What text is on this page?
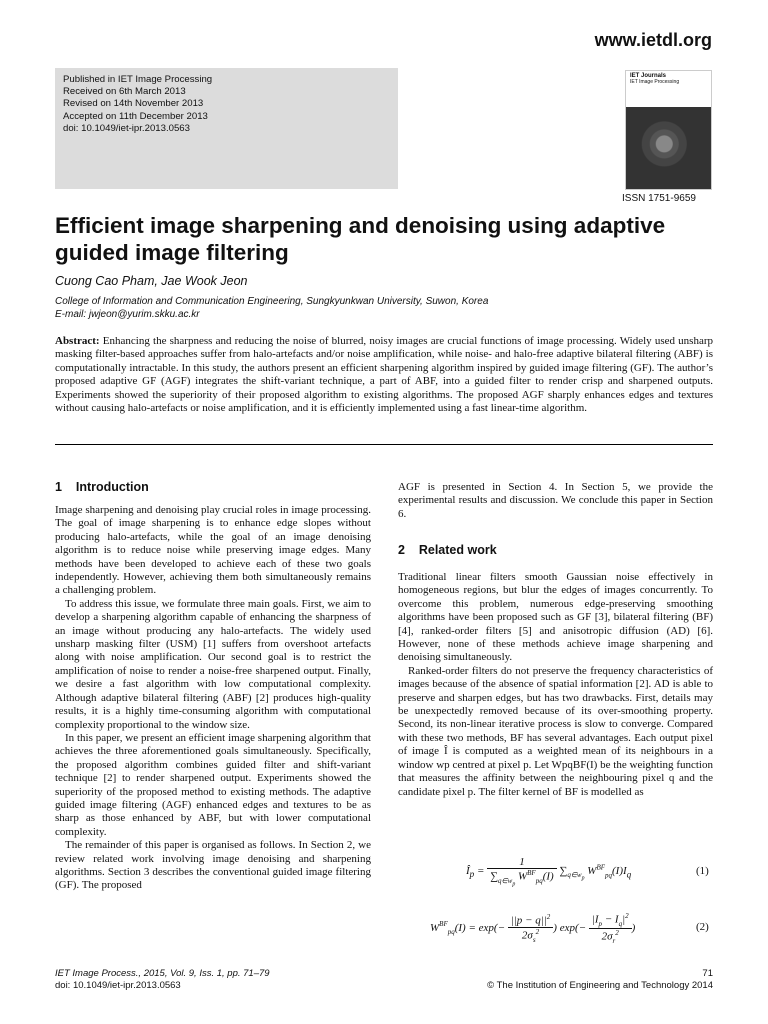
www.ietdl.org
Published in IET Image Processing
Received on 6th March 2013
Revised on 14th November 2013
Accepted on 11th December 2013
doi: 10.1049/iet-ipr.2013.0563
IET Journals
IET Image Processing
ISSN 1751-9659
Efficient image sharpening and denoising using adaptive guided image filtering
Cuong Cao Pham, Jae Wook Jeon
College of Information and Communication Engineering, Sungkyunkwan University, Suwon, Korea
E-mail: jwjeon@yurim.skku.ac.kr
Abstract: Enhancing the sharpness and reducing the noise of blurred, noisy images are crucial functions of image processing. Widely used unsharp masking filter-based approaches suffer from halo-artefacts and/or noise amplification, while noise- and halo-free adaptive bilateral filtering (ABF) is computationally intractable. In this study, the authors present an efficient sharpening algorithm inspired by guided image filtering (GF). The author’s proposed adaptive GF (AGF) integrates the shift-variant technique, a part of ABF, into a guided filter to render crisp and sharpened outputs. Experiments showed the superiority of their proposed algorithm to existing algorithms. The proposed AGF sharply enhances edges and textures without causing halo-artefacts or noise amplification, and it is efficiently implemented using a fast linear-time algorithm.
1    Introduction

Image sharpening and denoising play crucial roles in image processing. The goal of image sharpening is to enhance edge slopes without producing halo-artefacts, while the goal of an image denoising algorithm is to reduce noise while preserving image edges. Many methods have been developed to achieve each of these two goals independently. However, achieving them both simultaneously remains a challenging problem.

To address this issue, we formulate three main goals. First, we aim to develop a sharpening algorithm capable of enhancing the sharpness of an image without producing any halo-artefacts. The widely used unsharp masking filter (USM) [1] suffers from overshoot artefacts along with noise amplification. Our second goal is to restrict the amplification of noise to render a noise-free sharpened output. Finally, we desire a fast algorithm with low computational complexity. Although adaptive bilateral filtering (ABF) [2] produces high-quality results, it is a highly time-consuming algorithm with computational complexity proportional to the window size.

In this paper, we present an efficient image sharpening algorithm that achieves the three aforementioned goals simultaneously. Specifically, the proposed algorithm combines guided filter and shift-variant technique [2] to render sharpened output. Experiments showed the superiority of the proposed method to existing methods. The adaptive guided image filtering (AGF) enhanced edges and textures to be as sharp as those enhanced by ABF, but with lower computational complexity.

The remainder of this paper is organised as follows. In Section 2, we review related work involving image denoising and sharpening algorithms. Section 3 describes the conventional guided image filtering (GF). The proposed

AGF is presented in Section 4. In Section 5, we provide the experimental results and discussion. We conclude this paper in Section 6.

2    Related work

Traditional linear filters smooth Gaussian noise effectively in homogeneous regions, but blur the edges of images concurrently. To overcome this problem, numerous edge-preserving smoothing algorithms have been proposed such as GF [3], bilateral filtering (BF) [4], ranked-order filters [5] and anisotropic diffusion (AD) [6]. However, none of these methods achieve image sharpening and denoising simultaneously.

Ranked-order filters do not preserve the frequency characteristics of images because of the absence of spatial information [2]. AD is able to preserve and sharpen edges, but has two drawbacks. First, details may be unexpectedly removed because of its over-smoothing property. Second, its non-linear iterative process is slow to converge. Compared with these two methods, BF has several advantages. Each output pixel of image Î is computed as a weighted mean of its neighbours in a window wp centred at pixel p. Let WpqBF(I) be the weighting function that measures the affinity between the neighbouring pixel q and the candidate pixel p. The filter kernel of BF is modelled as

$Î_p = \frac{1}{\sum_{q\in w_p} W^{BF}_{pq}(I)} \sum_{q\in w_p}$ $W^{BF}_{pq}(I)I_q$	(1)
$W^{BF}_{pq}(I) = \exp(- \frac{||p - q||^2}{2\sigma_s^2}$ ) $\exp(- \frac{|I_p - I_q|^2}{2\sigma_r^2}$ )	(2)
IET Image Process., 2015, Vol. 9, Iss. 1, pp. 71–79
doi: 10.1049/iet-ipr.2013.0563
71
© The Institution of Engineering and Technology 2014
